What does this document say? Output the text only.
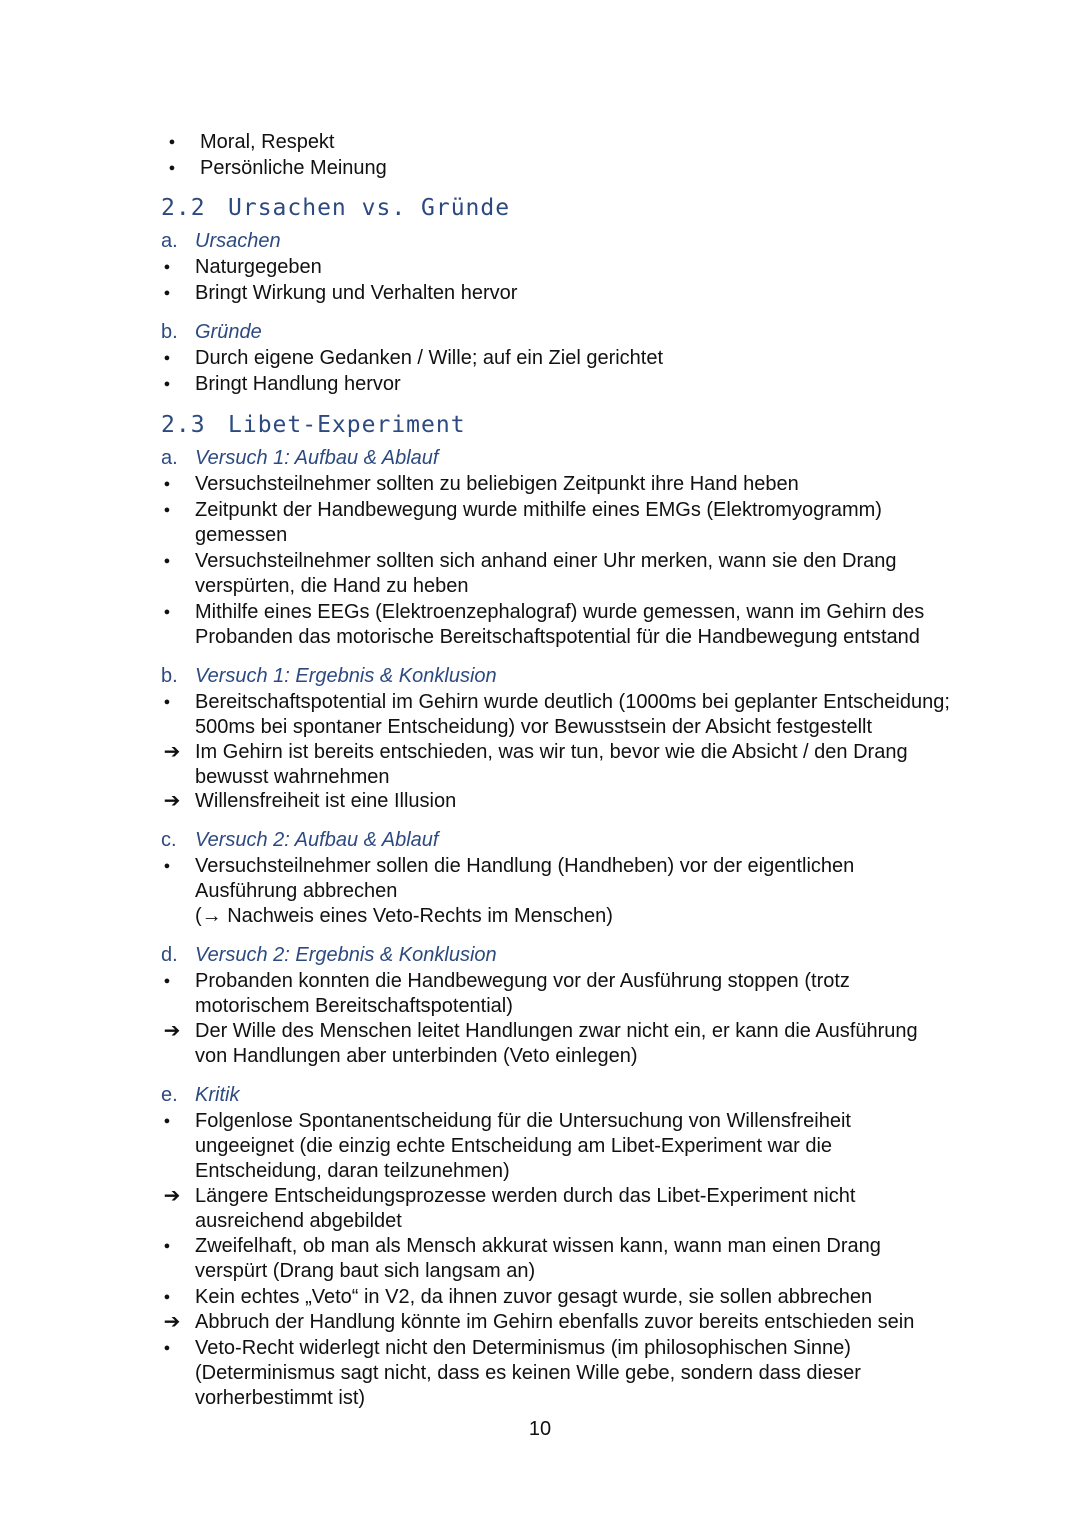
●	Moral, Respekt
●	Persönliche Meinung
2.2 Ursachen vs. Gründe
a. Ursachen
●	Naturgegeben
●	Bringt Wirkung und Verhalten hervor
b. Gründe
●	Durch eigene Gedanken / Wille; auf ein Ziel gerichtet
●	Bringt Handlung hervor
2.3 Libet-Experiment
a. Versuch 1: Aufbau & Ablauf
●	Versuchsteilnehmer sollten zu beliebigen Zeitpunkt ihre Hand heben
●	Zeitpunkt der Handbewegung wurde mithilfe eines EMGs (Elektromyogramm)
gemessen
●	Versuchsteilnehmer sollten sich anhand einer Uhr merken, wann sie den Drang
verspürten, die Hand zu heben
●	Mithilfe eines EEGs (Elektroenzephalograf) wurde gemessen, wann im Gehirn des
Probanden das motorische Bereitschaftspotential für die Handbewegung entstand
b. Versuch 1: Ergebnis & Konklusion
●	Bereitschaftspotential im Gehirn wurde deutlich (1000ms bei geplanter Entscheidung;
500ms bei spontaner Entscheidung) vor Bewusstsein der Absicht festgestellt
➔ Im Gehirn ist bereits entschieden, was wir tun, bevor wie die Absicht / den Drang
bewusst wahrnehmen
➔ Willensfreiheit ist eine Illusion
c. Versuch 2: Aufbau & Ablauf
●	Versuchsteilnehmer sollen die Handlung (Handheben) vor der eigentlichen
Ausführung abbrechen
(→ Nachweis eines Veto-Rechts im Menschen)
d. Versuch 2: Ergebnis & Konklusion
●	Probanden konnten die Handbewegung vor der Ausführung stoppen (trotz
motorischem Bereitschaftspotential)
➔ Der Wille des Menschen leitet Handlungen zwar nicht ein, er kann die Ausführung
von Handlungen aber unterbinden (Veto einlegen)
e. Kritik
●	Folgenlose Spontanentscheidung für die Untersuchung von Willensfreiheit
ungeeignet (die einzig echte Entscheidung am Libet-Experiment war die
Entscheidung, daran teilzunehmen)
➔ Längere Entscheidungsprozesse werden durch das Libet-Experiment nicht
ausreichend abgebildet
●	Zweifelhaft, ob man als Mensch akkurat wissen kann, wann man einen Drang
verspürt (Drang baut sich langsam an)
●	Kein echtes „Veto“ in V2, da ihnen zuvor gesagt wurde, sie sollen abbrechen
➔ Abbruch der Handlung könnte im Gehirn ebenfalls zuvor bereits entschieden sein
●	Veto-Recht widerlegt nicht den Determinismus (im philosophischen Sinne)
(Determinismus sagt nicht, dass es keinen Wille gebe, sondern dass dieser
vorherbestimmt ist)
10
